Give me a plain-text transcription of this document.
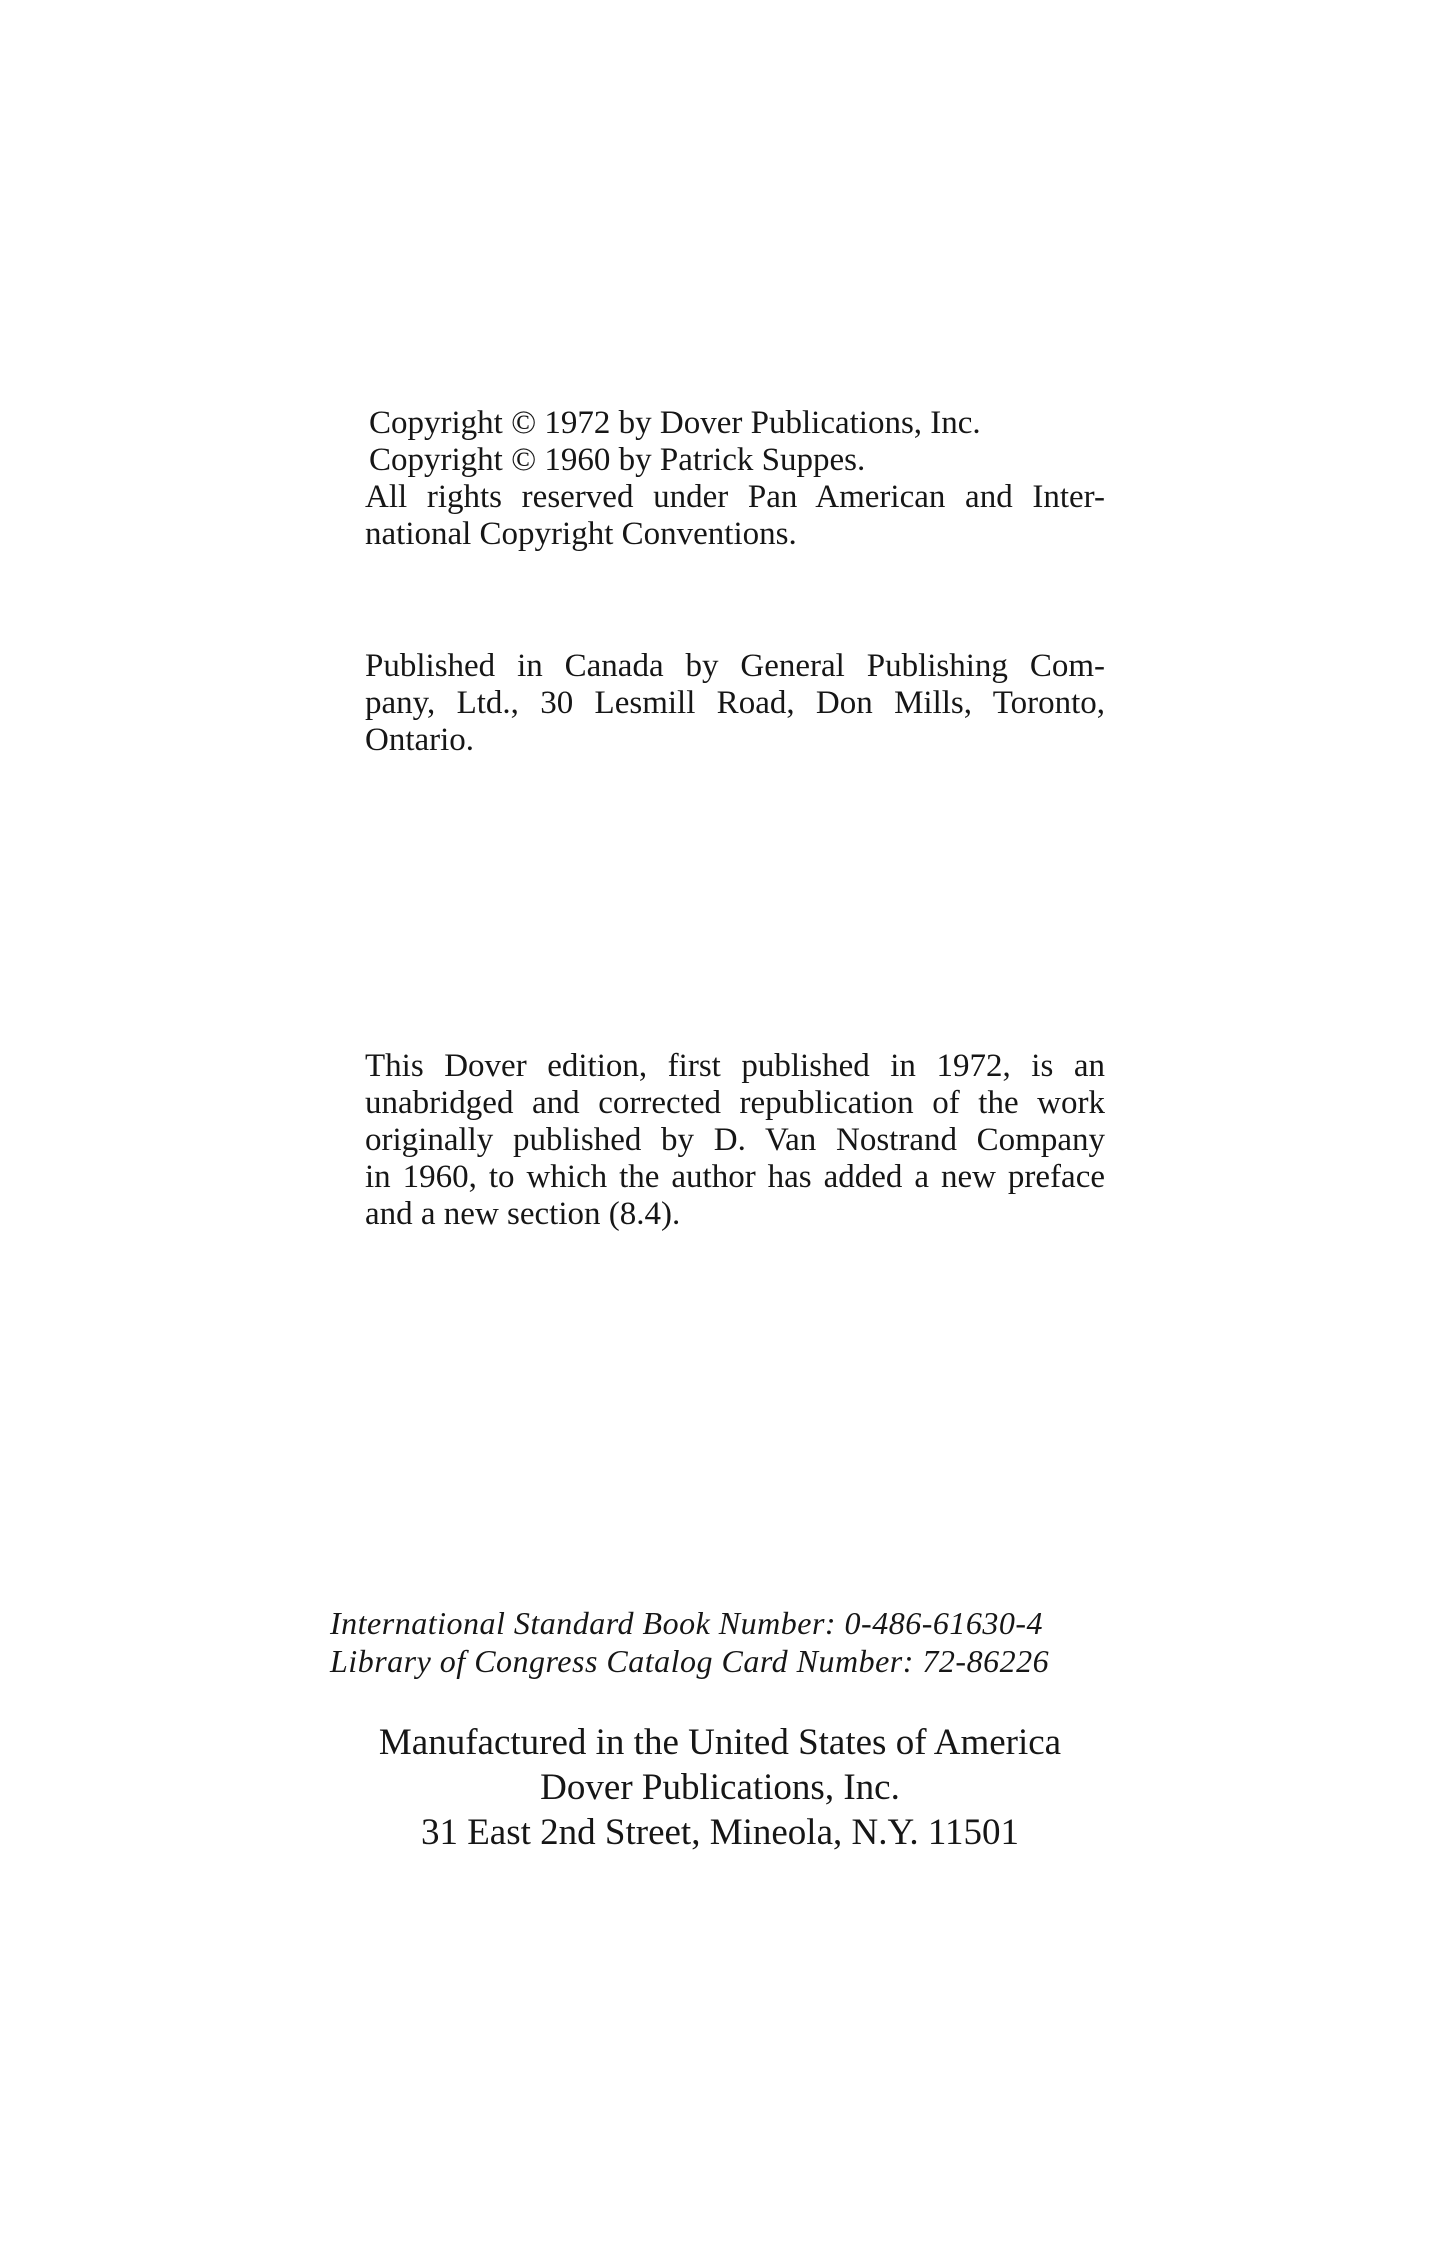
Copyright © 1972 by Dover Publications, Inc.
Copyright © 1960 by Patrick Suppes.
All rights reserved under Pan American and Inter-
national Copyright Conventions.
Published in Canada by General Publishing Com-
pany, Ltd., 30 Lesmill Road, Don Mills, Toronto,
Ontario.
This Dover edition, first published in 1972, is an
unabridged and corrected republication of the work
originally published by D. Van Nostrand Company
in 1960, to which the author has added a new preface
and a new section (8.4).
International Standard Book Number: 0-486-61630-4
Library of Congress Catalog Card Number: 72-86226
Manufactured in the United States of America
Dover Publications, Inc.
31 East 2nd Street, Mineola, N.Y. 11501
